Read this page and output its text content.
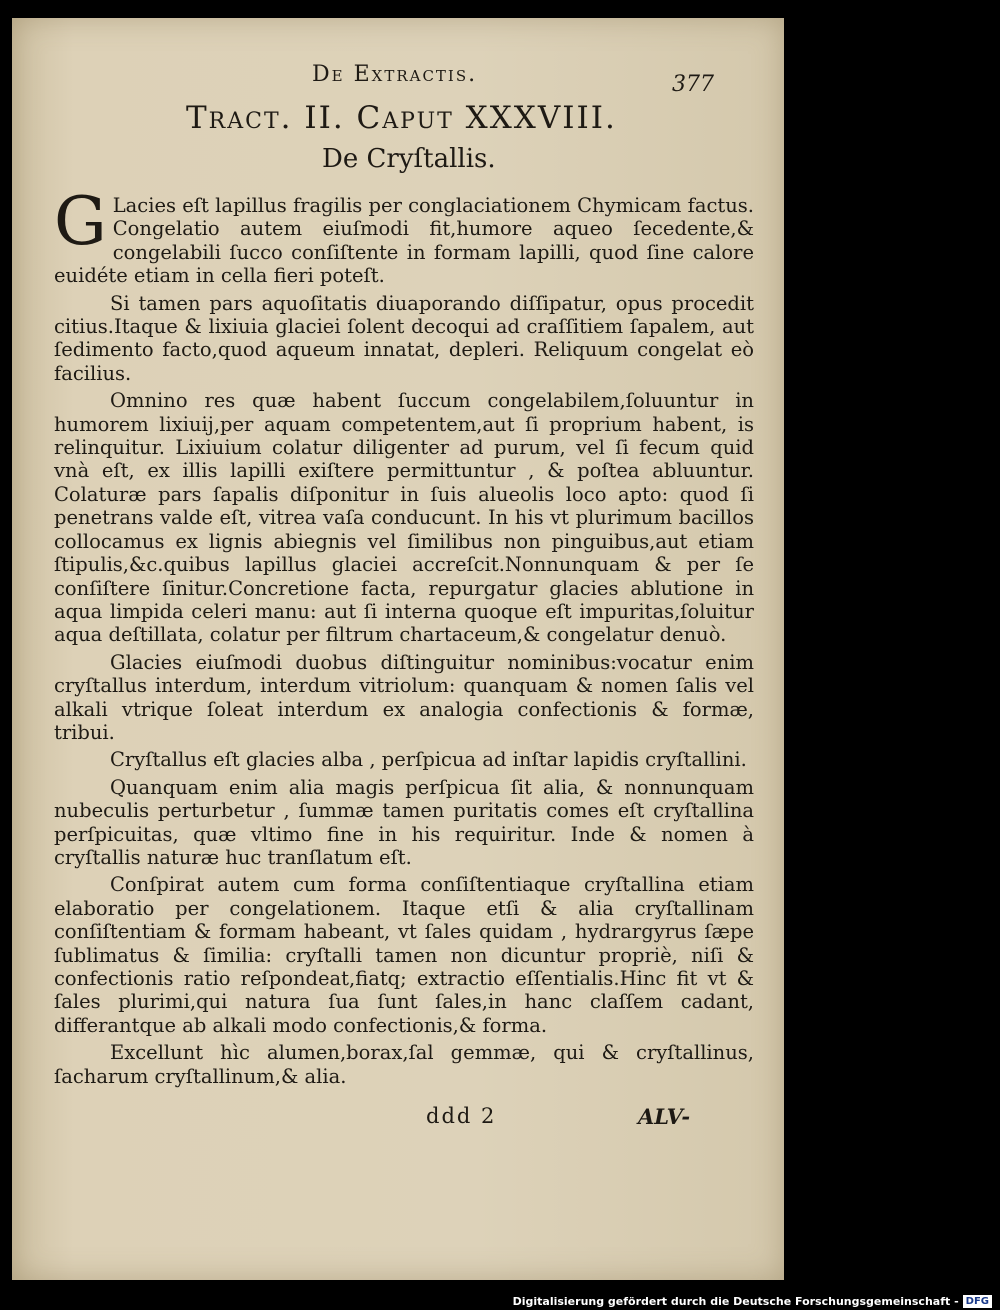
De Extractis.	377
Tract. II. Caput XXXVIII.
De Cryſtallis.

G Lacies eſt lapillus fragilis per conglaciationem Chymicam factus. Congelatio autem eiuſmodi fit,humore aqueo ſecedente,& congelabili ſucco conſiſtente in formam lapilli, quod ſine calore euidéte etiam in cella fieri poteſt.

Si tamen pars aquoſitatis diuaporando diſſipatur, opus procedit citius.Itaque & lixiuia glaciei ſolent decoqui ad craſſitiem ſapalem, aut ſedimento facto,quod aqueum innatat, depleri. Reliquum congelat eò facilius.

Omnino res quæ habent ſuccum congelabilem,ſoluuntur in humorem lixiuij,per aquam competentem,aut ſi proprium habent, is relinquitur. Lixiuium colatur diligenter ad purum, vel ſi fecum quid vnà eſt, ex illis lapilli exiſtere permittuntur , & poſtea abluuntur. Colaturæ pars ſapalis diſponitur in ſuis alueolis loco apto: quod ſi penetrans valde eſt, vitrea vaſa conducunt. In his vt plurimum bacillos collocamus ex lignis abiegnis vel ſimilibus non pinguibus,aut etiam ſtipulis,&c.quibus lapillus glaciei accreſcit.Nonnunquam & per ſe conſiſtere ſinitur.Concretione facta, repurgatur glacies ablutione in aqua limpida celeri manu: aut ſi interna quoque eſt impuritas,ſoluitur aqua deſtillata, colatur per filtrum chartaceum,& congelatur denuò.

Glacies eiuſmodi duobus diſtinguitur nominibus:vocatur enim cryſtallus interdum, interdum vitriolum: quanquam & nomen ſalis vel alkali vtrique ſoleat interdum ex analogia confectionis & formæ, tribui.

Cryſtallus eſt glacies alba , perſpicua ad inſtar lapidis cryſtallini.

Quanquam enim alia magis perſpicua ſit alia, & nonnunquam nubeculis perturbetur , ſummæ tamen puritatis comes eſt cryſtallina perſpicuitas, quæ vltimo fine in his requiritur. Inde & nomen à cryſtallis naturæ huc tranſlatum eſt.

Conſpirat autem cum forma conſiſtentiaque cryſtallina etiam elaboratio per congelationem. Itaque etſi & alia cryſtallinam conſiſtentiam & formam habeant, vt ſales quidam , hydrargyrus ſæpe ſublimatus & ſimilia: cryſtalli tamen non dicuntur propriè, niſi & confectionis ratio reſpondeat,fiatq; extractio eſſentialis.Hinc fit vt & ſales plurimi,qui natura ſua ſunt ſales,in hanc claſſem cadant, differantque ab alkali modo confectionis,& forma.

Excellunt hìc alumen,borax,ſal gemmæ, qui & cryſtallinus, ſacharum cryſtallinum,& alia.

ddd 2	ALV-
Digitalisierung gefördert durch die Deutsche Forschungsgemeinschaft - DFG
